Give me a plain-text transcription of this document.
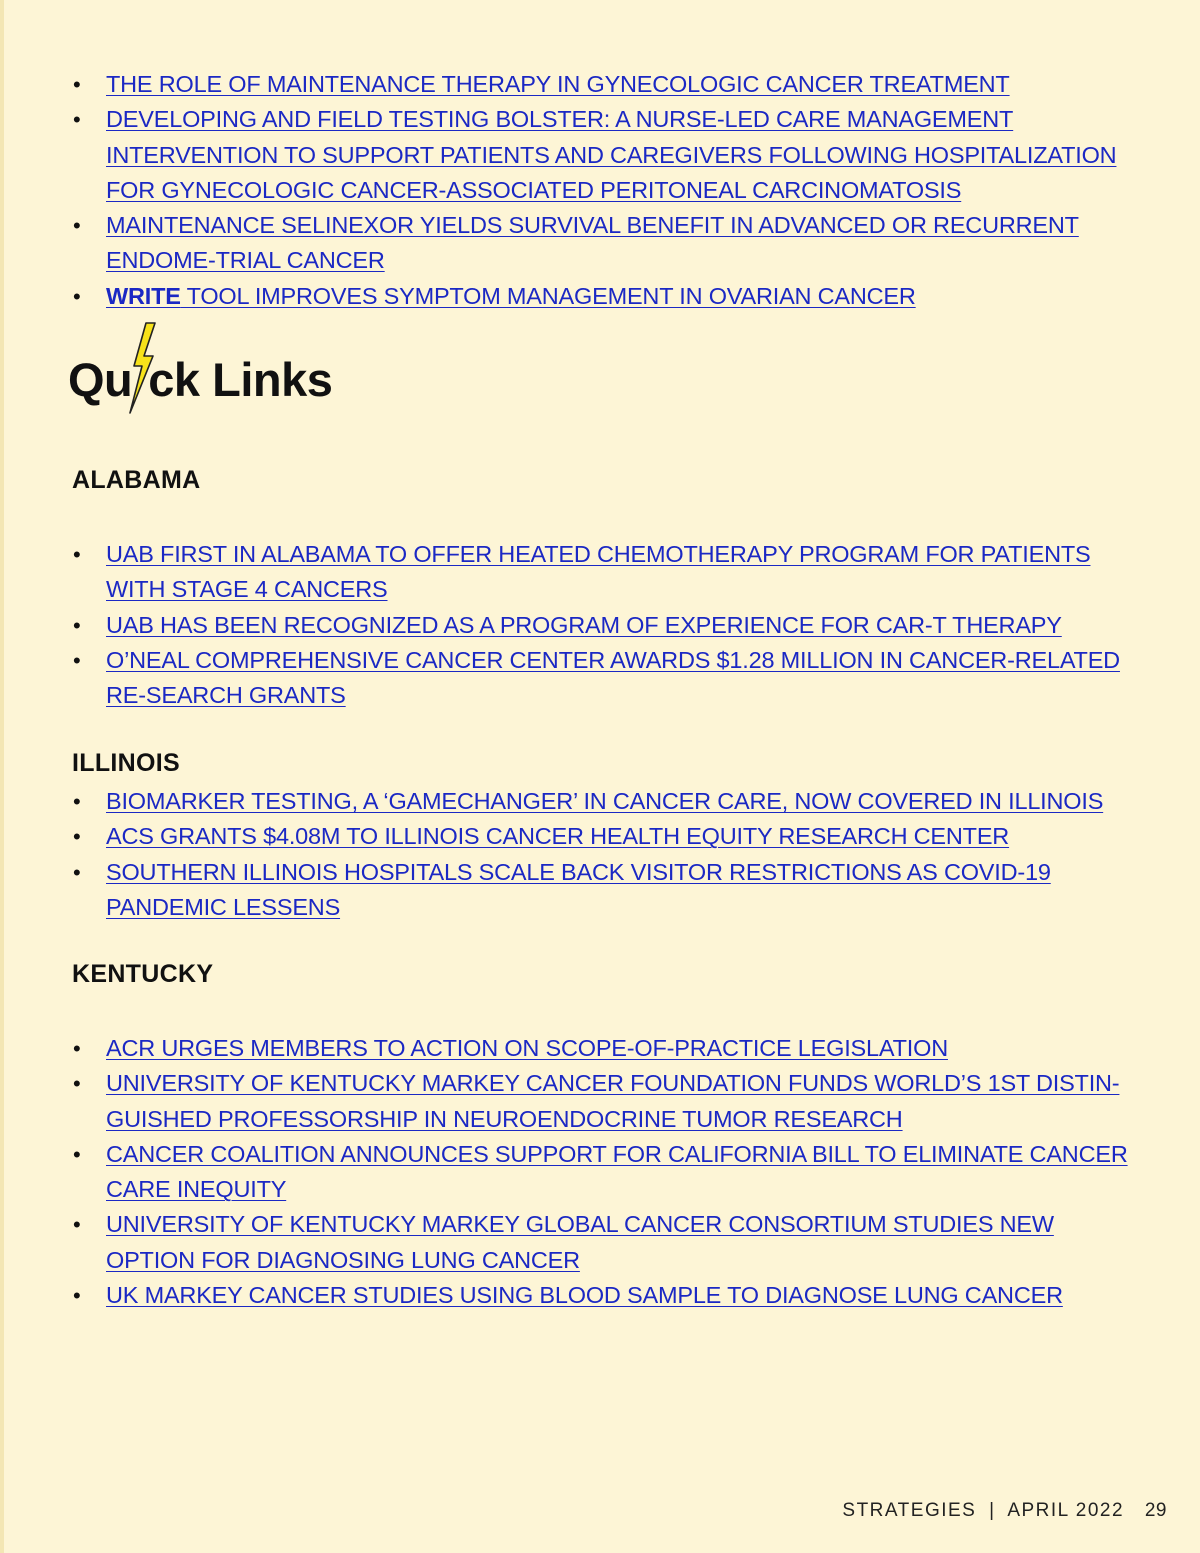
• THE ROLE OF MAINTENANCE THERAPY IN GYNECOLOGIC CANCER TREATMENT
• DEVELOPING AND FIELD TESTING BOLSTER: A NURSE-LED CARE MANAGEMENT INTERVENTION TO SUPPORT PATIENTS AND CAREGIVERS FOLLOWING HOSPITALIZATION FOR GYNECOLOGIC CANCER-ASSOCIATED PERITONEAL CARCINOMATOSIS
• MAINTENANCE SELINEXOR YIELDS SURVIVAL BENEFIT IN ADVANCED OR RECURRENT ENDOME-TRIAL CANCER
• WRITE TOOL IMPROVES SYMPTOM MANAGEMENT IN OVARIAN CANCER
Qu ck Links
ALABAMA
• UAB FIRST IN ALABAMA TO OFFER HEATED CHEMOTHERAPY PROGRAM FOR PATIENTS WITH STAGE 4 CANCERS
• UAB HAS BEEN RECOGNIZED AS A PROGRAM OF EXPERIENCE FOR CAR-T THERAPY
• O’NEAL COMPREHENSIVE CANCER CENTER AWARDS $1.28 MILLION IN CANCER-RELATED RE-SEARCH GRANTS
ILLINOIS
• BIOMARKER TESTING, A ‘GAMECHANGER’ IN CANCER CARE, NOW COVERED IN ILLINOIS
• ACS GRANTS $4.08M TO ILLINOIS CANCER HEALTH EQUITY RESEARCH CENTER
• SOUTHERN ILLINOIS HOSPITALS SCALE BACK VISITOR RESTRICTIONS AS COVID-19 PANDEMIC LESSENS
KENTUCKY
• ACR URGES MEMBERS TO ACTION ON SCOPE-OF-PRACTICE LEGISLATION
• UNIVERSITY OF KENTUCKY MARKEY CANCER FOUNDATION FUNDS WORLD’S 1ST DISTIN-GUISHED PROFESSORSHIP IN NEUROENDOCRINE TUMOR RESEARCH
• CANCER COALITION ANNOUNCES SUPPORT FOR CALIFORNIA BILL TO ELIMINATE CANCER CARE INEQUITY
• UNIVERSITY OF KENTUCKY MARKEY GLOBAL CANCER CONSORTIUM STUDIES NEW OPTION FOR DIAGNOSING LUNG CANCER
• UK MARKEY CANCER STUDIES USING BLOOD SAMPLE TO DIAGNOSE LUNG CANCER
STRATEGIES | APRIL 2022 29
